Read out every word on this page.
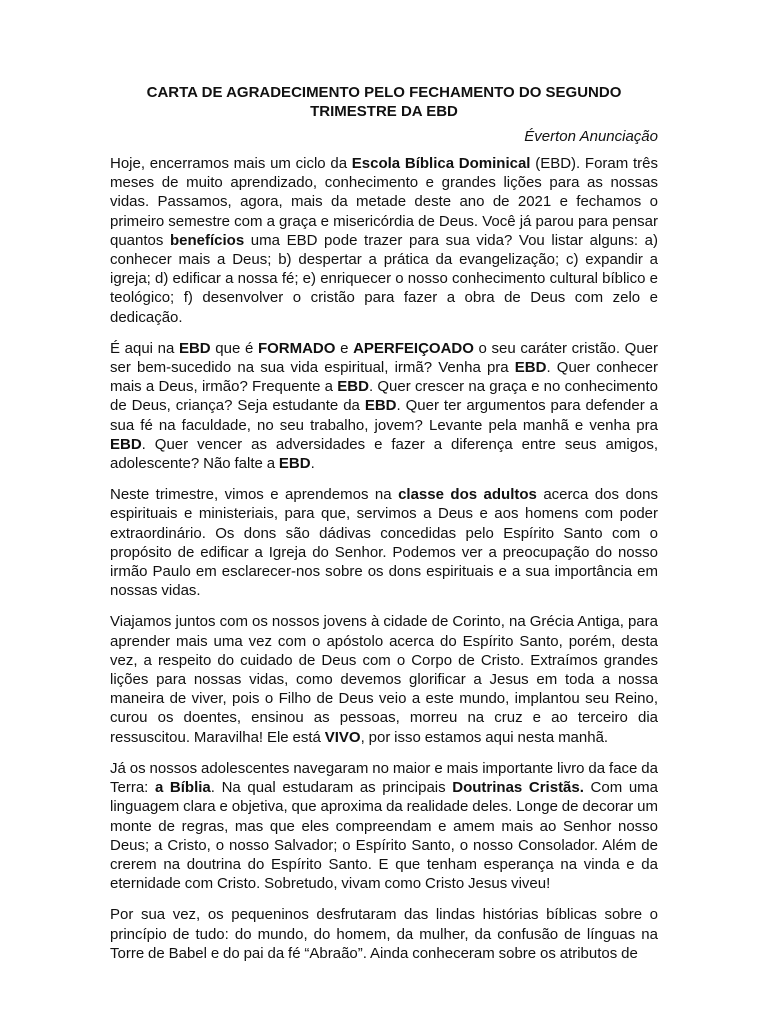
CARTA DE AGRADECIMENTO PELO FECHAMENTO DO SEGUNDO
TRIMESTRE DA EBD
Éverton Anunciação

Hoje, encerramos mais um ciclo da Escola Bíblica Dominical (EBD). Foram três meses de muito aprendizado, conhecimento e grandes lições para as nossas vidas. Passamos, agora, mais da metade deste ano de 2021 e fechamos o primeiro semestre com a graça e misericórdia de Deus. Você já parou para pensar quantos benefícios uma EBD pode trazer para sua vida? Vou listar alguns: a) conhecer mais a Deus; b) despertar a prática da evangelização; c) expandir a igreja; d) edificar a nossa fé; e) enriquecer o nosso conhecimento cultural bíblico e teológico; f) desenvolver o cristão para fazer a obra de Deus com zelo e dedicação.

É aqui na EBD que é FORMADO e APERFEIÇOADO o seu caráter cristão. Quer ser bem-sucedido na sua vida espiritual, irmã? Venha pra EBD. Quer conhecer mais a Deus, irmão? Frequente a EBD. Quer crescer na graça e no conhecimento de Deus, criança? Seja estudante da EBD. Quer ter argumentos para defender a sua fé na faculdade, no seu trabalho, jovem? Levante pela manhã e venha pra EBD. Quer vencer as adversidades e fazer a diferença entre seus amigos, adolescente? Não falte a EBD.

Neste trimestre, vimos e aprendemos na classe dos adultos acerca dos dons espirituais e ministeriais, para que, servimos a Deus e aos homens com poder extraordinário. Os dons são dádivas concedidas pelo Espírito Santo com o propósito de edificar a Igreja do Senhor. Podemos ver a preocupação do nosso irmão Paulo em esclarecer-nos sobre os dons espirituais e a sua importância em nossas vidas.

Viajamos juntos com os nossos jovens à cidade de Corinto, na Grécia Antiga, para aprender mais uma vez com o apóstolo acerca do Espírito Santo, porém, desta vez, a respeito do cuidado de Deus com o Corpo de Cristo. Extraímos grandes lições para nossas vidas, como devemos glorificar a Jesus em toda a nossa maneira de viver, pois o Filho de Deus veio a este mundo, implantou seu Reino, curou os doentes, ensinou as pessoas, morreu na cruz e ao terceiro dia ressuscitou. Maravilha! Ele está VIVO, por isso estamos aqui nesta manhã.

Já os nossos adolescentes navegaram no maior e mais importante livro da face da Terra: a Bíblia. Na qual estudaram as principais Doutrinas Cristãs. Com uma linguagem clara e objetiva, que aproxima da realidade deles. Longe de decorar um monte de regras, mas que eles compreendam e amem mais ao Senhor nosso Deus; a Cristo, o nosso Salvador; o Espírito Santo, o nosso Consolador. Além de crerem na doutrina do Espírito Santo. E que tenham esperança na vinda e da eternidade com Cristo. Sobretudo, vivam como Cristo Jesus viveu!

Por sua vez, os pequeninos desfrutaram das lindas histórias bíblicas sobre o princípio de tudo: do mundo, do homem, da mulher, da confusão de línguas na Torre de Babel e do pai da fé “Abraão”. Ainda conheceram sobre os atributos de
